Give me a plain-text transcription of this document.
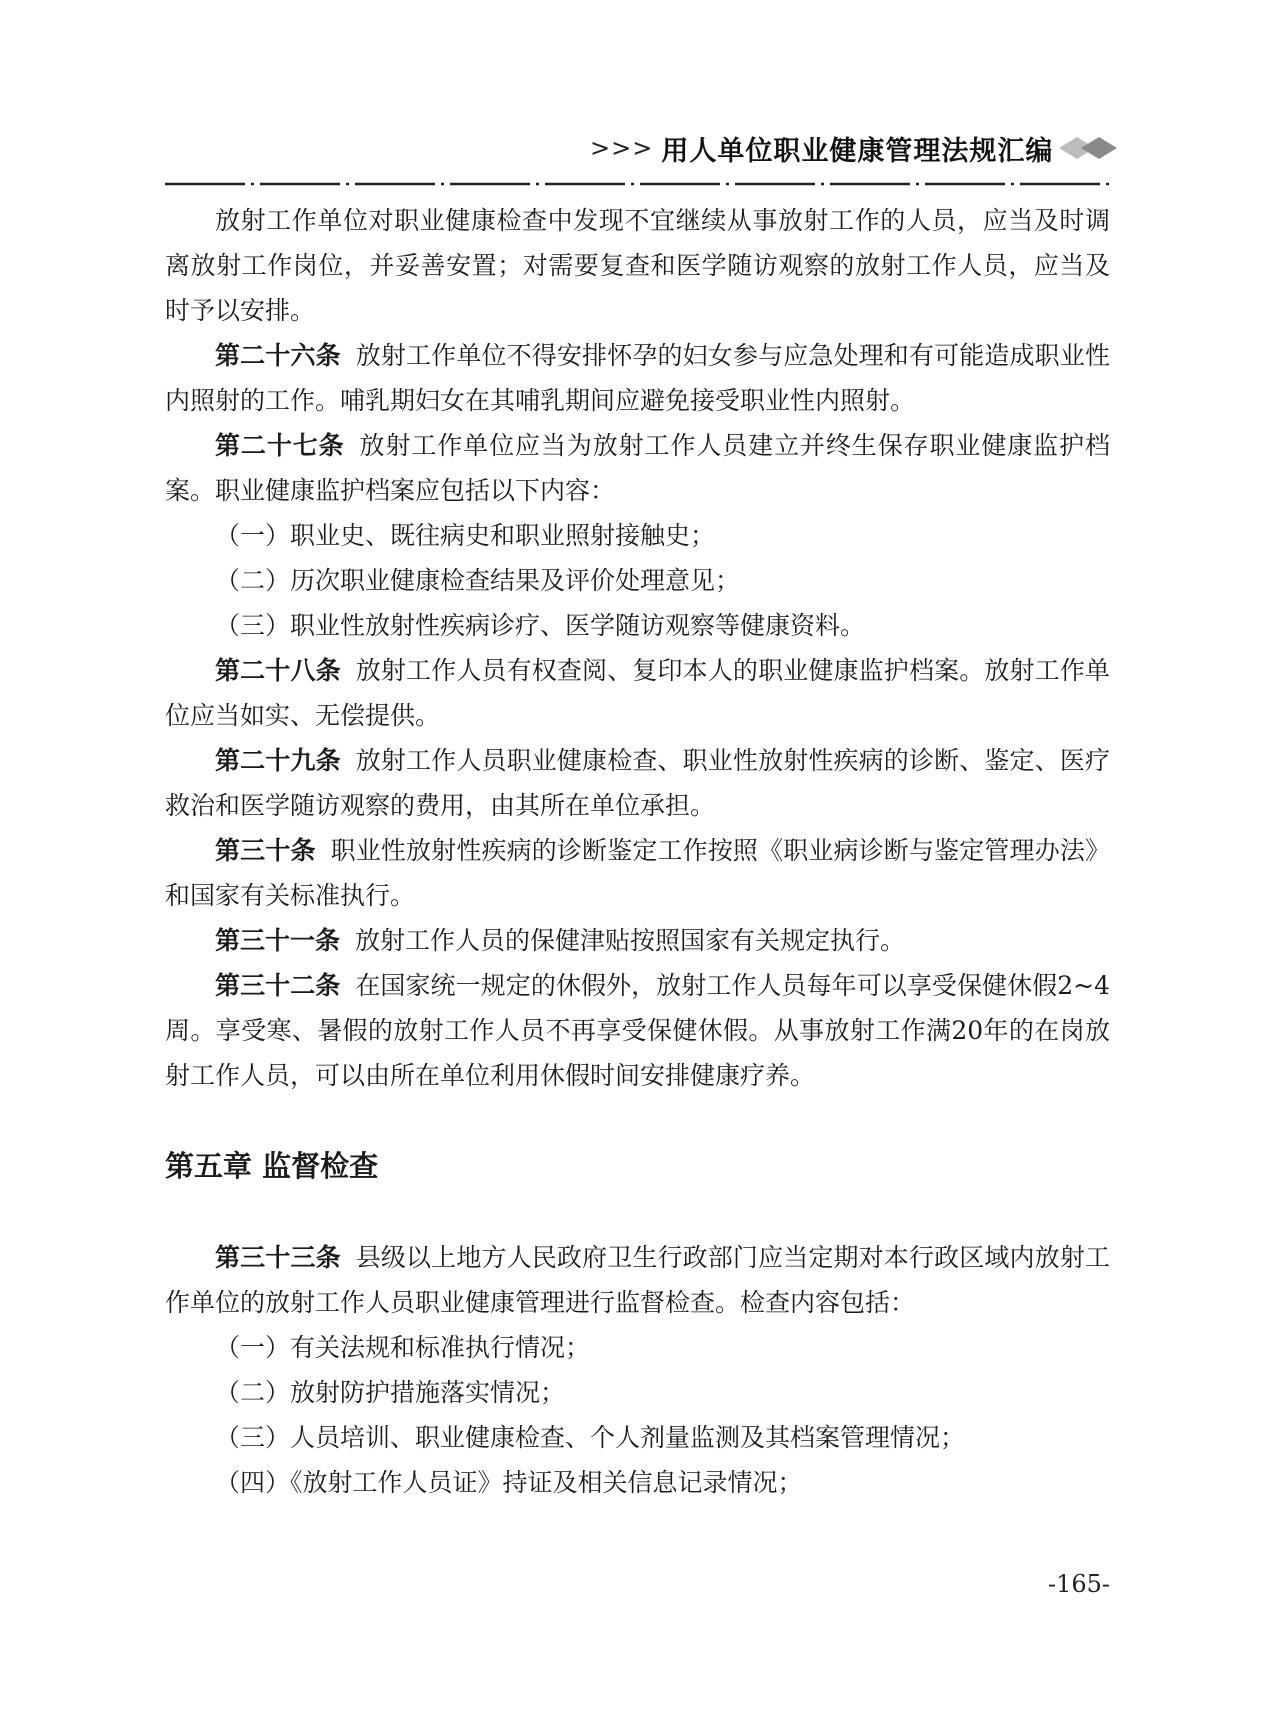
>>> 用人单位职业健康管理法规汇编

放射工作单位对职业健康检查中发现不宜继续从事放射工作的人员，应当及时调离放射工作岗位，并妥善安置；对需要复查和医学随访观察的放射工作人员，应当及时予以安排。

第二十六条 放射工作单位不得安排怀孕的妇女参与应急处理和有可能造成职业性内照射的工作。哺乳期妇女在其哺乳期间应避免接受职业性内照射。

第二十七条 放射工作单位应当为放射工作人员建立并终生保存职业健康监护档案。职业健康监护档案应包括以下内容：

（一）职业史、既往病史和职业照射接触史；

（二）历次职业健康检查结果及评价处理意见；

（三）职业性放射性疾病诊疗、医学随访观察等健康资料。

第二十八条 放射工作人员有权查阅、复印本人的职业健康监护档案。放射工作单位应当如实、无偿提供。

第二十九条 放射工作人员职业健康检查、职业性放射性疾病的诊断、鉴定、医疗救治和医学随访观察的费用，由其所在单位承担。

第三十条 职业性放射性疾病的诊断鉴定工作按照《职业病诊断与鉴定管理办法》和国家有关标准执行。

第三十一条 放射工作人员的保健津贴按照国家有关规定执行。

第三十二条 在国家统一规定的休假外，放射工作人员每年可以享受保健休假2~4周。享受寒、暑假的放射工作人员不再享受保健休假。从事放射工作满20年的在岗放射工作人员，可以由所在单位利用休假时间安排健康疗养。

第五章 监督检查

第三十三条 县级以上地方人民政府卫生行政部门应当定期对本行政区域内放射工作单位的放射工作人员职业健康管理进行监督检查。检查内容包括：

（一）有关法规和标准执行情况；

（二）放射防护措施落实情况；

（三）人员培训、职业健康检查、个人剂量监测及其档案管理情况；

（四）《放射工作人员证》持证及相关信息记录情况；

-165-
